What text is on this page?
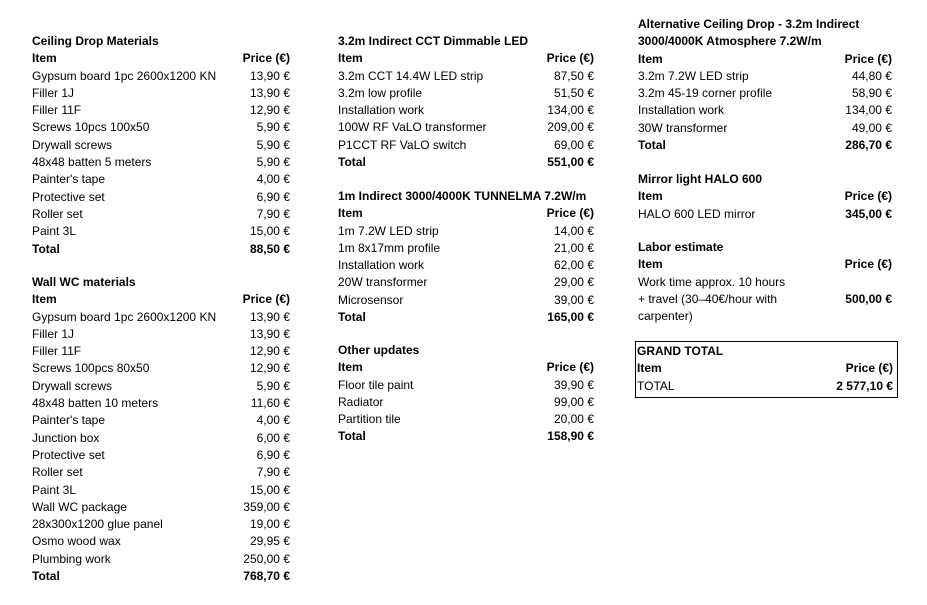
Ceiling Drop Materials
Item	Price (€)
Gypsum board 1pc 2600x1200 KN	13,90 €
Filler 1J	13,90 €
Filler 11F	12,90 €
Screws 10pcs 100x50	5,90 €
Drywall screws	5,90 €
48x48 batten 5 meters	5,90 €
Painter's tape	4,00 €
Protective set	6,90 €
Roller set	7,90 €
Paint 3L	15,00 €
Total	88,50 €
Wall WC materials
Item	Price (€)
Gypsum board 1pc 2600x1200 KN	13,90 €
Filler 1J	13,90 €
Filler 11F	12,90 €
Screws 100pcs 80x50	12,90 €
Drywall screws	5,90 €
48x48 batten 10 meters	11,60 €
Painter's tape	4,00 €
Junction box	6,00 €
Protective set	6,90 €
Roller set	7,90 €
Paint 3L	15,00 €
Wall WC package	359,00 €
28x300x1200 glue panel	19,00 €
Osmo wood wax	29,95 €
Plumbing work	250,00 €
Total	768,70 €
3.2m Indirect CCT Dimmable LED
Item	Price (€)
3.2m CCT 14.4W LED strip	87,50 €
3.2m low profile	51,50 €
Installation work	134,00 €
100W RF VaLO transformer	209,00 €
P1CCT RF VaLO switch	69,00 €
Total	551,00 €
1m Indirect 3000/4000K TUNNELMA 7.2W/m
Item	Price (€)
1m 7.2W LED strip	14,00 €
1m 8x17mm profile	21,00 €
Installation work	62,00 €
20W transformer	29,00 €
Microsensor	39,00 €
Total	165,00 €
Other updates
Item	Price (€)
Floor tile paint	39,90 €
Radiator	99,00 €
Partition tile	20,00 €
Total	158,90 €
Alternative Ceiling Drop - 3.2m Indirect
3000/4000K Atmosphere 7.2W/m
Item	Price (€)
3.2m 7.2W LED strip	44,80 €
3.2m 45-19 corner profile	58,90 €
Installation work	134,00 €
30W transformer	49,00 €
Total	286,70 €
Mirror light HALO 600
Item	Price (€)
HALO 600 LED mirror	345,00 €
Labor estimate
Item	Price (€)
Work time approx. 10 hours
+ travel (30–40€/hour with
carpenter)
500,00 €
GRAND TOTAL
Item	Price (€)
TOTAL	2 577,10 €
